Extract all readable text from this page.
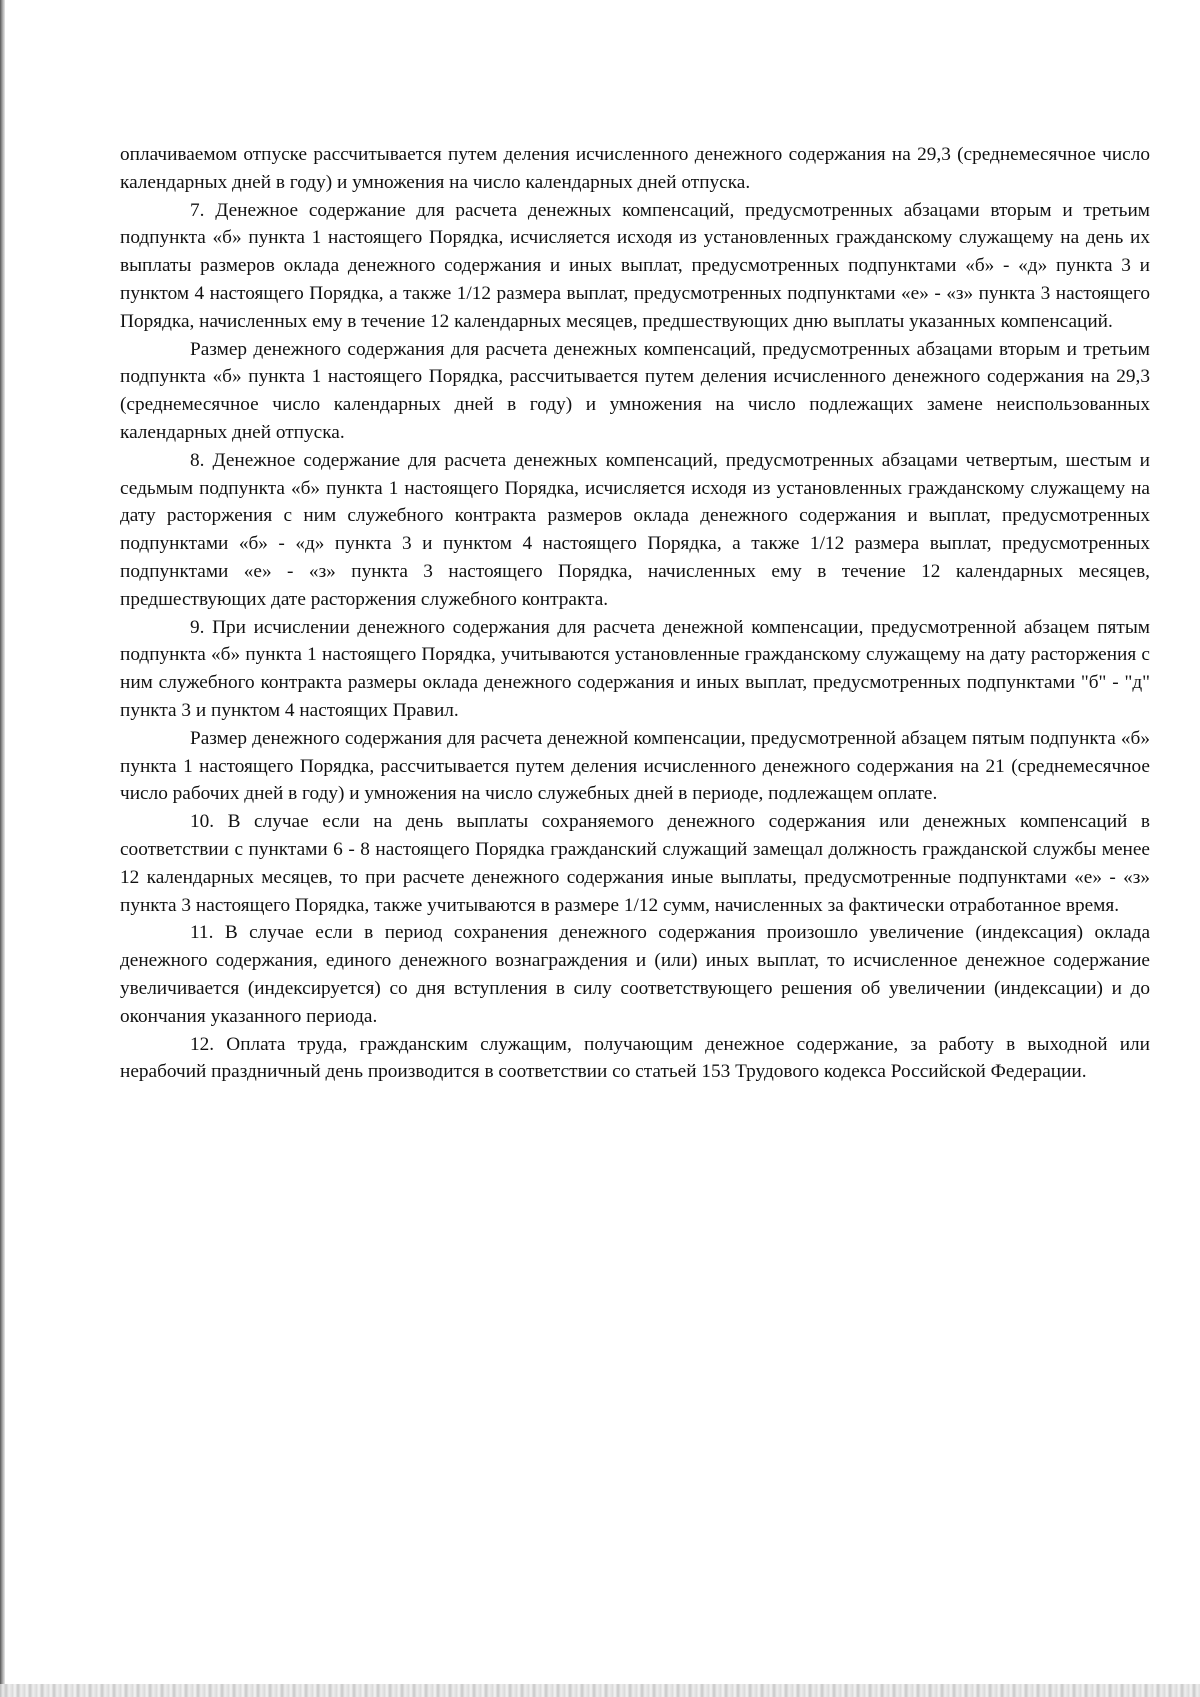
оплачиваемом отпуске рассчитывается путем деления исчисленного денежного содержания на 29,3 (среднемесячное число календарных дней в году) и умножения на число календарных дней отпуска.

7. Денежное содержание для расчета денежных компенсаций, предусмотренных абзацами вторым и третьим подпункта «б» пункта 1 настоящего Порядка, исчисляется исходя из установленных гражданскому служащему на день их выплаты размеров оклада денежного содержания и иных выплат, предусмотренных подпунктами «б» - «д» пункта 3 и пунктом 4 настоящего Порядка, а также 1/12 размера выплат, предусмотренных подпунктами «е» - «з» пункта 3 настоящего Порядка, начисленных ему в течение 12 календарных месяцев, предшествующих дню выплаты указанных компенсаций.

Размер денежного содержания для расчета денежных компенсаций, предусмотренных абзацами вторым и третьим подпункта «б» пункта 1 настоящего Порядка, рассчитывается путем деления исчисленного денежного содержания на 29,3 (среднемесячное число календарных дней в году) и умножения на число подлежащих замене неиспользованных календарных дней отпуска.

8. Денежное содержание для расчета денежных компенсаций, предусмотренных абзацами четвертым, шестым и седьмым подпункта «б» пункта 1 настоящего Порядка, исчисляется исходя из установленных гражданскому служащему на дату расторжения с ним служебного контракта размеров оклада денежного содержания и выплат, предусмотренных подпунктами «б» - «д» пункта 3 и пунктом 4 настоящего Порядка, а также 1/12 размера выплат, предусмотренных подпунктами «е» - «з» пункта 3 настоящего Порядка, начисленных ему в течение 12 календарных месяцев, предшествующих дате расторжения служебного контракта.

9. При исчислении денежного содержания для расчета денежной компенсации, предусмотренной абзацем пятым подпункта «б» пункта 1 настоящего Порядка, учитываются установленные гражданскому служащему на дату расторжения с ним служебного контракта размеры оклада денежного содержания и иных выплат, предусмотренных подпунктами "б" - "д" пункта 3 и пунктом 4 настоящих Правил.

Размер денежного содержания для расчета денежной компенсации, предусмотренной абзацем пятым подпункта «б» пункта 1 настоящего Порядка, рассчитывается путем деления исчисленного денежного содержания на 21 (среднемесячное число рабочих дней в году) и умножения на число служебных дней в периоде, подлежащем оплате.

10. В случае если на день выплаты сохраняемого денежного содержания или денежных компенсаций в соответствии с пунктами 6 - 8 настоящего Порядка гражданский служащий замещал должность гражданской службы менее 12 календарных месяцев, то при расчете денежного содержания иные выплаты, предусмотренные подпунктами «е» - «з» пункта 3 настоящего Порядка, также учитываются в размере 1/12 сумм, начисленных за фактически отработанное время.

11. В случае если в период сохранения денежного содержания произошло увеличение (индексация) оклада денежного содержания, единого денежного вознаграждения и (или) иных выплат, то исчисленное денежное содержание увеличивается (индексируется) со дня вступления в силу соответствующего решения об увеличении (индексации) и до окончания указанного периода.

12. Оплата труда, гражданским служащим, получающим денежное содержание, за работу в выходной или нерабочий праздничный день производится в соответствии со статьей 153 Трудового кодекса Российской Федерации.
